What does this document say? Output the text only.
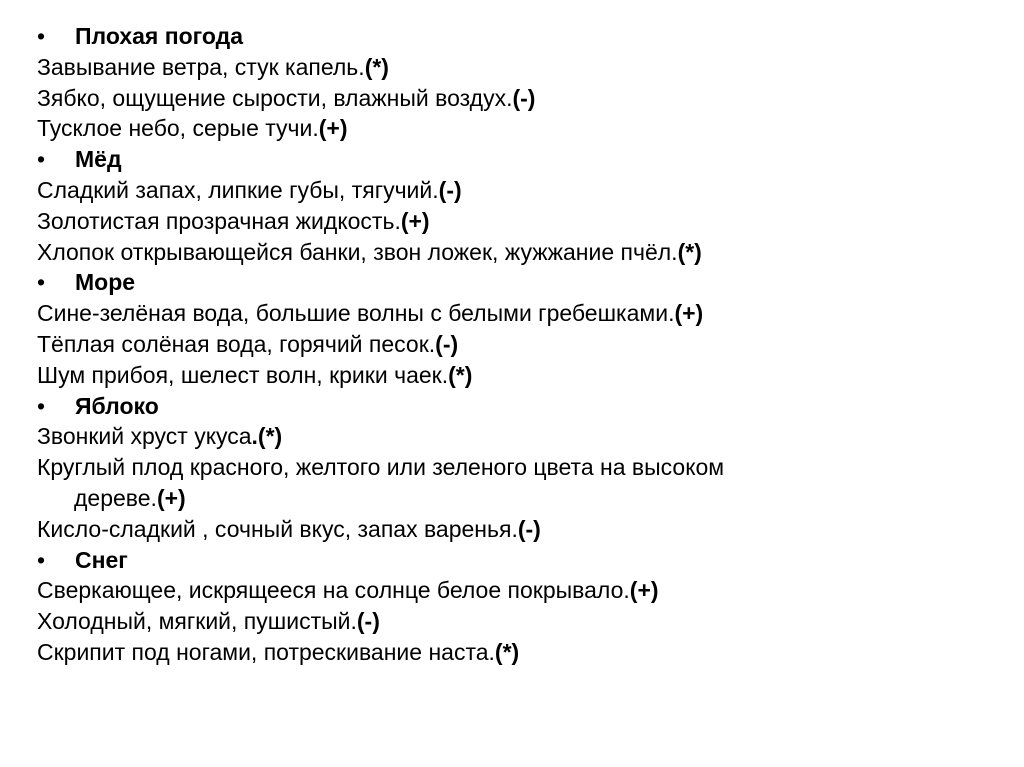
•	Плохая погода
Завывание ветра, стук капель.(*)
Зябко, ощущение сырости, влажный воздух.(-)
Тусклое небо, серые тучи.(+)
•	Мёд
Сладкий запах, липкие губы, тягучий.(-)
Золотистая прозрачная жидкость.(+)
Хлопок открывающейся банки, звон ложек, жужжание пчёл.(*)
•	Море
Сине-зелёная вода, большие волны с белыми гребешками.(+)
Тёплая солёная вода, горячий песок.(-)
Шум прибоя, шелест волн, крики чаек.(*)
•	Яблоко
Звонкий хруст укуса.(*)
Круглый плод красного, желтого или зеленого цвета на высоком
дереве.(+)
Кисло-сладкий , сочный вкус, запах варенья.(-)
•	Снег
Сверкающее, искрящееся на солнце белое покрывало.(+)
Холодный, мягкий, пушистый.(-)
Скрипит под ногами, потрескивание наста.(*)
